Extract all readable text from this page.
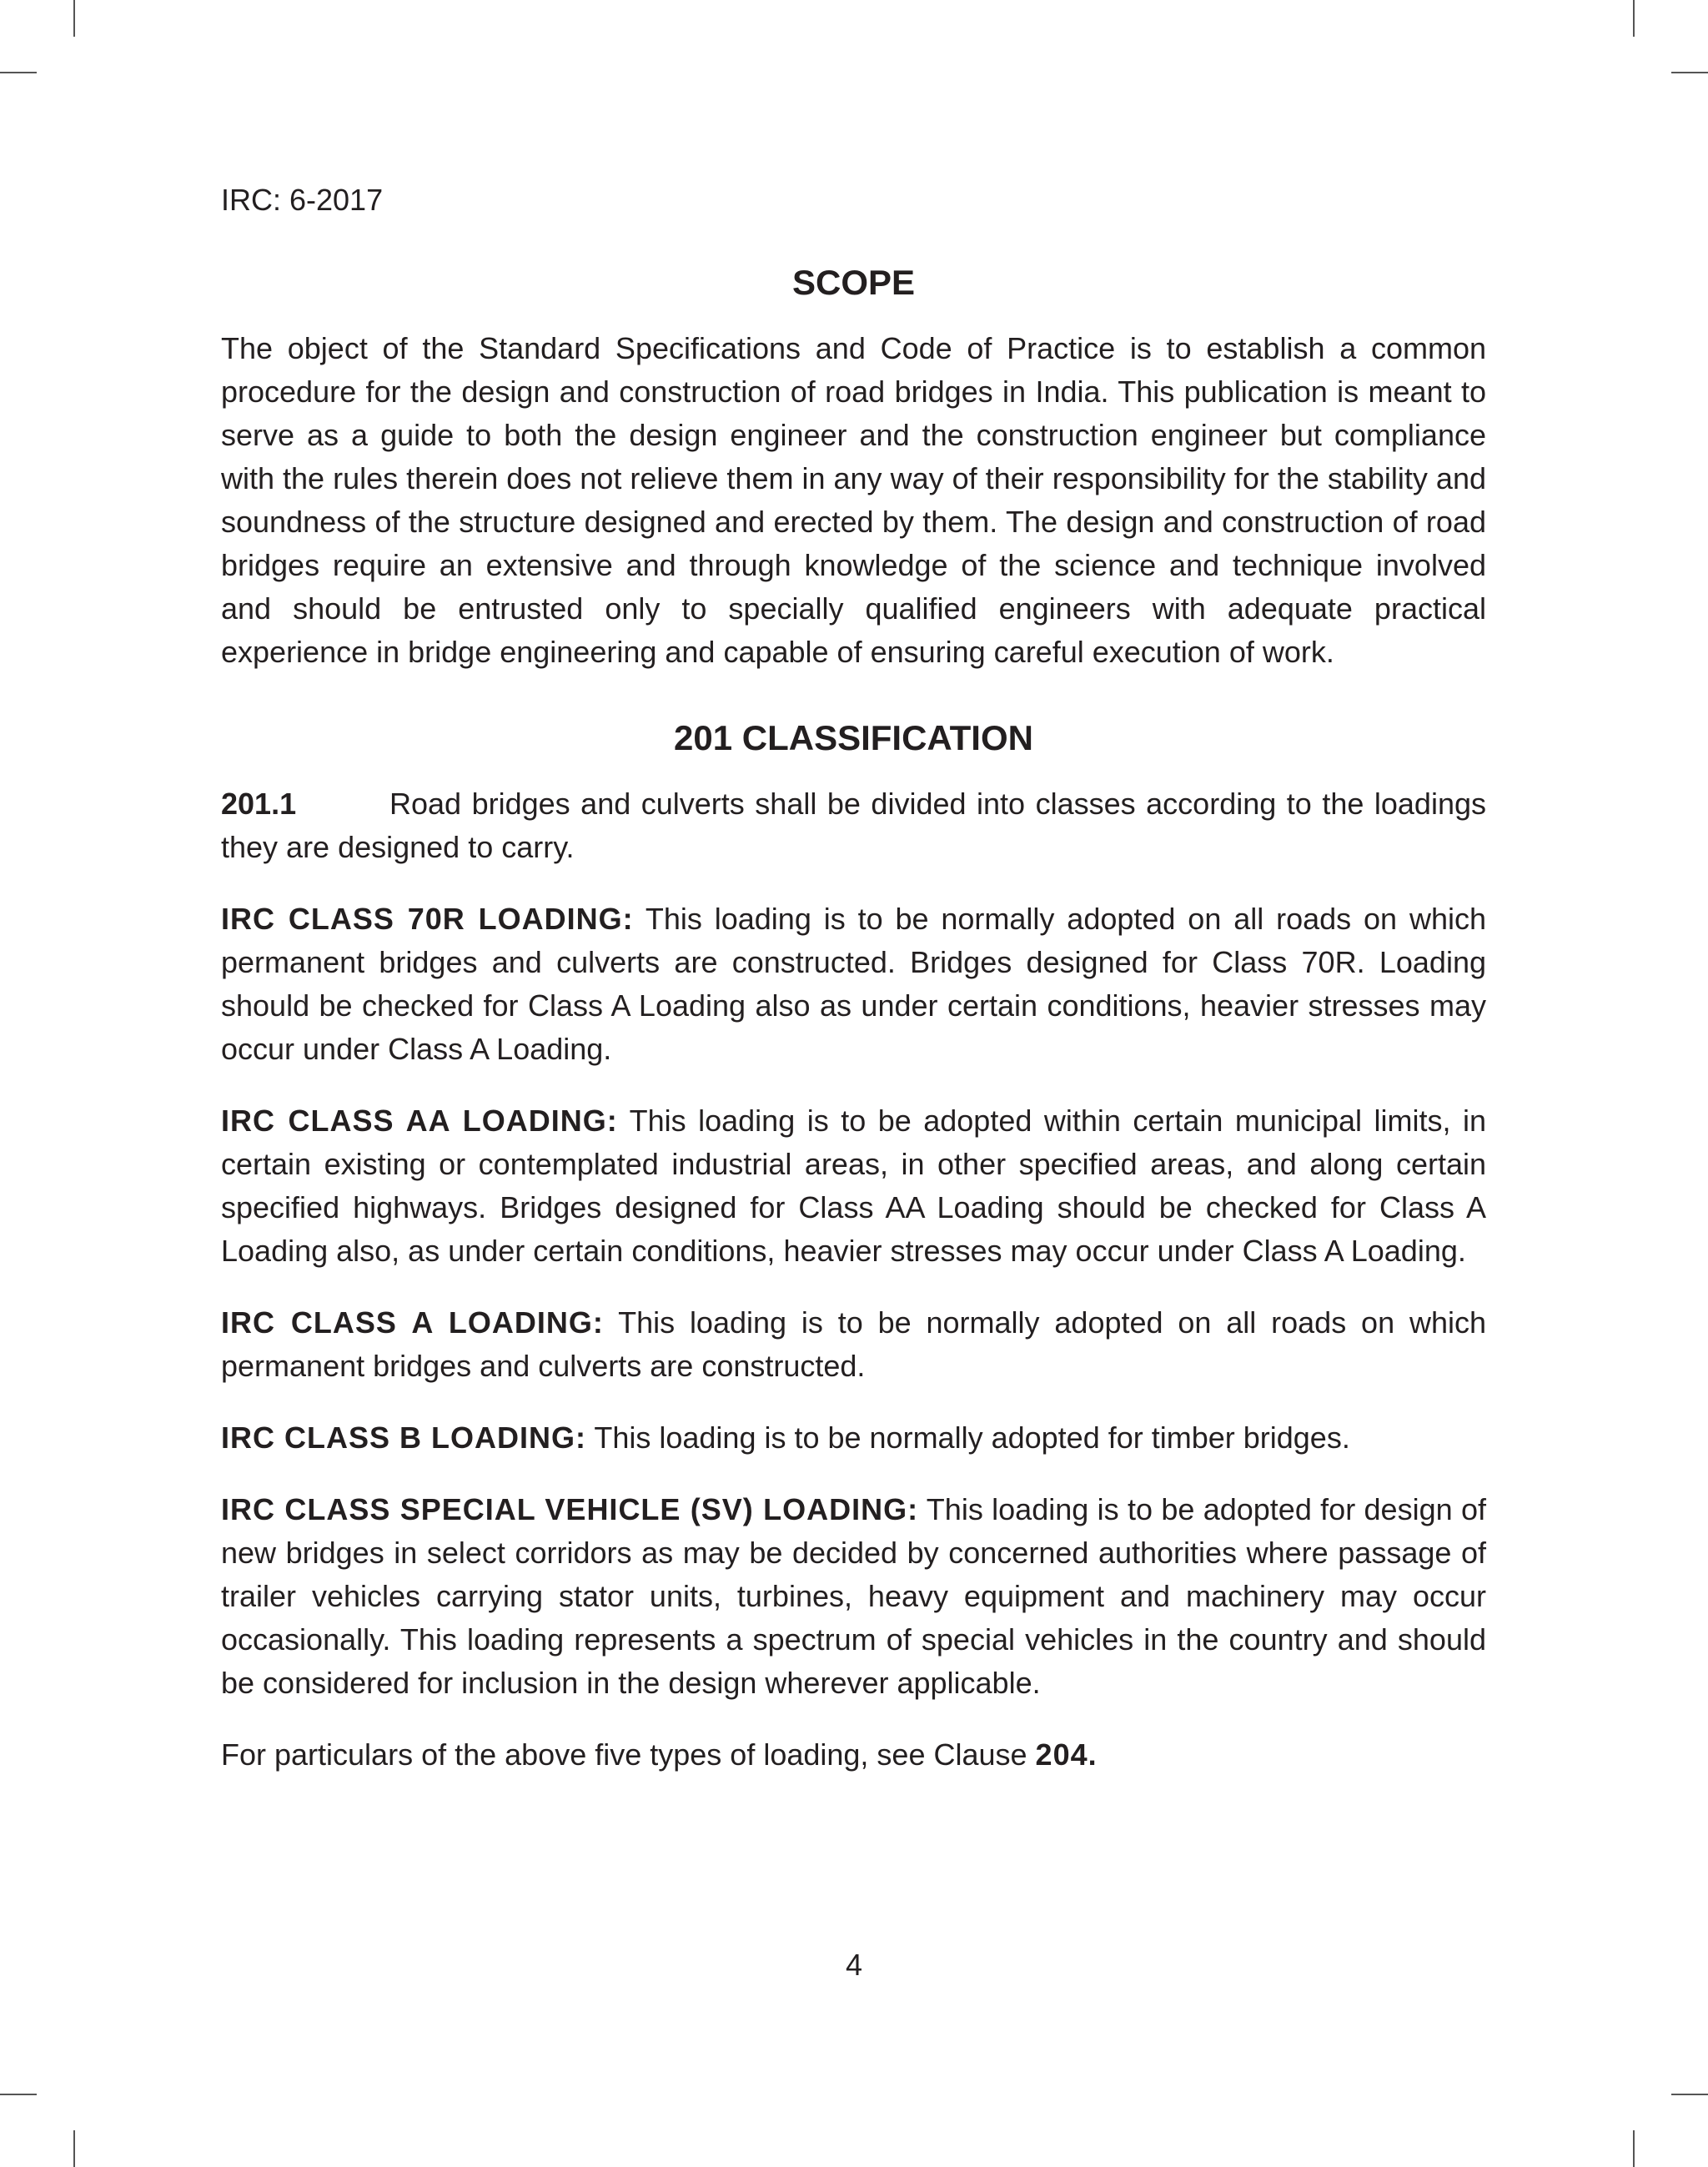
IRC: 6-2017
SCOPE

The object of the Standard Specifications and Code of Practice is to establish a common procedure for the design and construction of road bridges in India. This publication is meant to serve as a guide to both the design engineer and the construction engineer but compliance with the rules therein does not relieve them in any way of their responsibility for the stability and soundness of the structure designed and erected by them. The design and construction of road bridges require an extensive and through knowledge of the science and technique involved and should be entrusted only to specially qualified engineers with adequate practical experience in bridge engineering and capable of ensuring careful execution of work.

201 CLASSIFICATION

201.1	Road bridges and culverts shall be divided into classes according to the loadings they are designed to carry.

IRC CLASS 70R LOADING: This loading is to be normally adopted on all roads on which permanent bridges and culverts are constructed. Bridges designed for Class 70R. Loading should be checked for Class A Loading also as under certain conditions, heavier stresses may occur under Class A Loading.

IRC CLASS AA LOADING: This loading is to be adopted within certain municipal limits, in certain existing or contemplated industrial areas, in other specified areas, and along certain specified highways. Bridges designed for Class AA Loading should be checked for Class A Loading also, as under certain conditions, heavier stresses may occur under Class A Loading.

IRC CLASS A LOADING: This loading is to be normally adopted on all roads on which permanent bridges and culverts are constructed.

IRC CLASS B LOADING: This loading is to be normally adopted for timber bridges.

IRC CLASS SPECIAL VEHICLE (SV) LOADING: This loading is to be adopted for design of new bridges in select corridors as may be decided by concerned authorities where passage of trailer vehicles carrying stator units, turbines, heavy equipment and machinery may occur occasionally. This loading represents a spectrum of special vehicles in the country and should be considered for inclusion in the design wherever applicable.

For particulars of the above five types of loading, see Clause 204.

4
